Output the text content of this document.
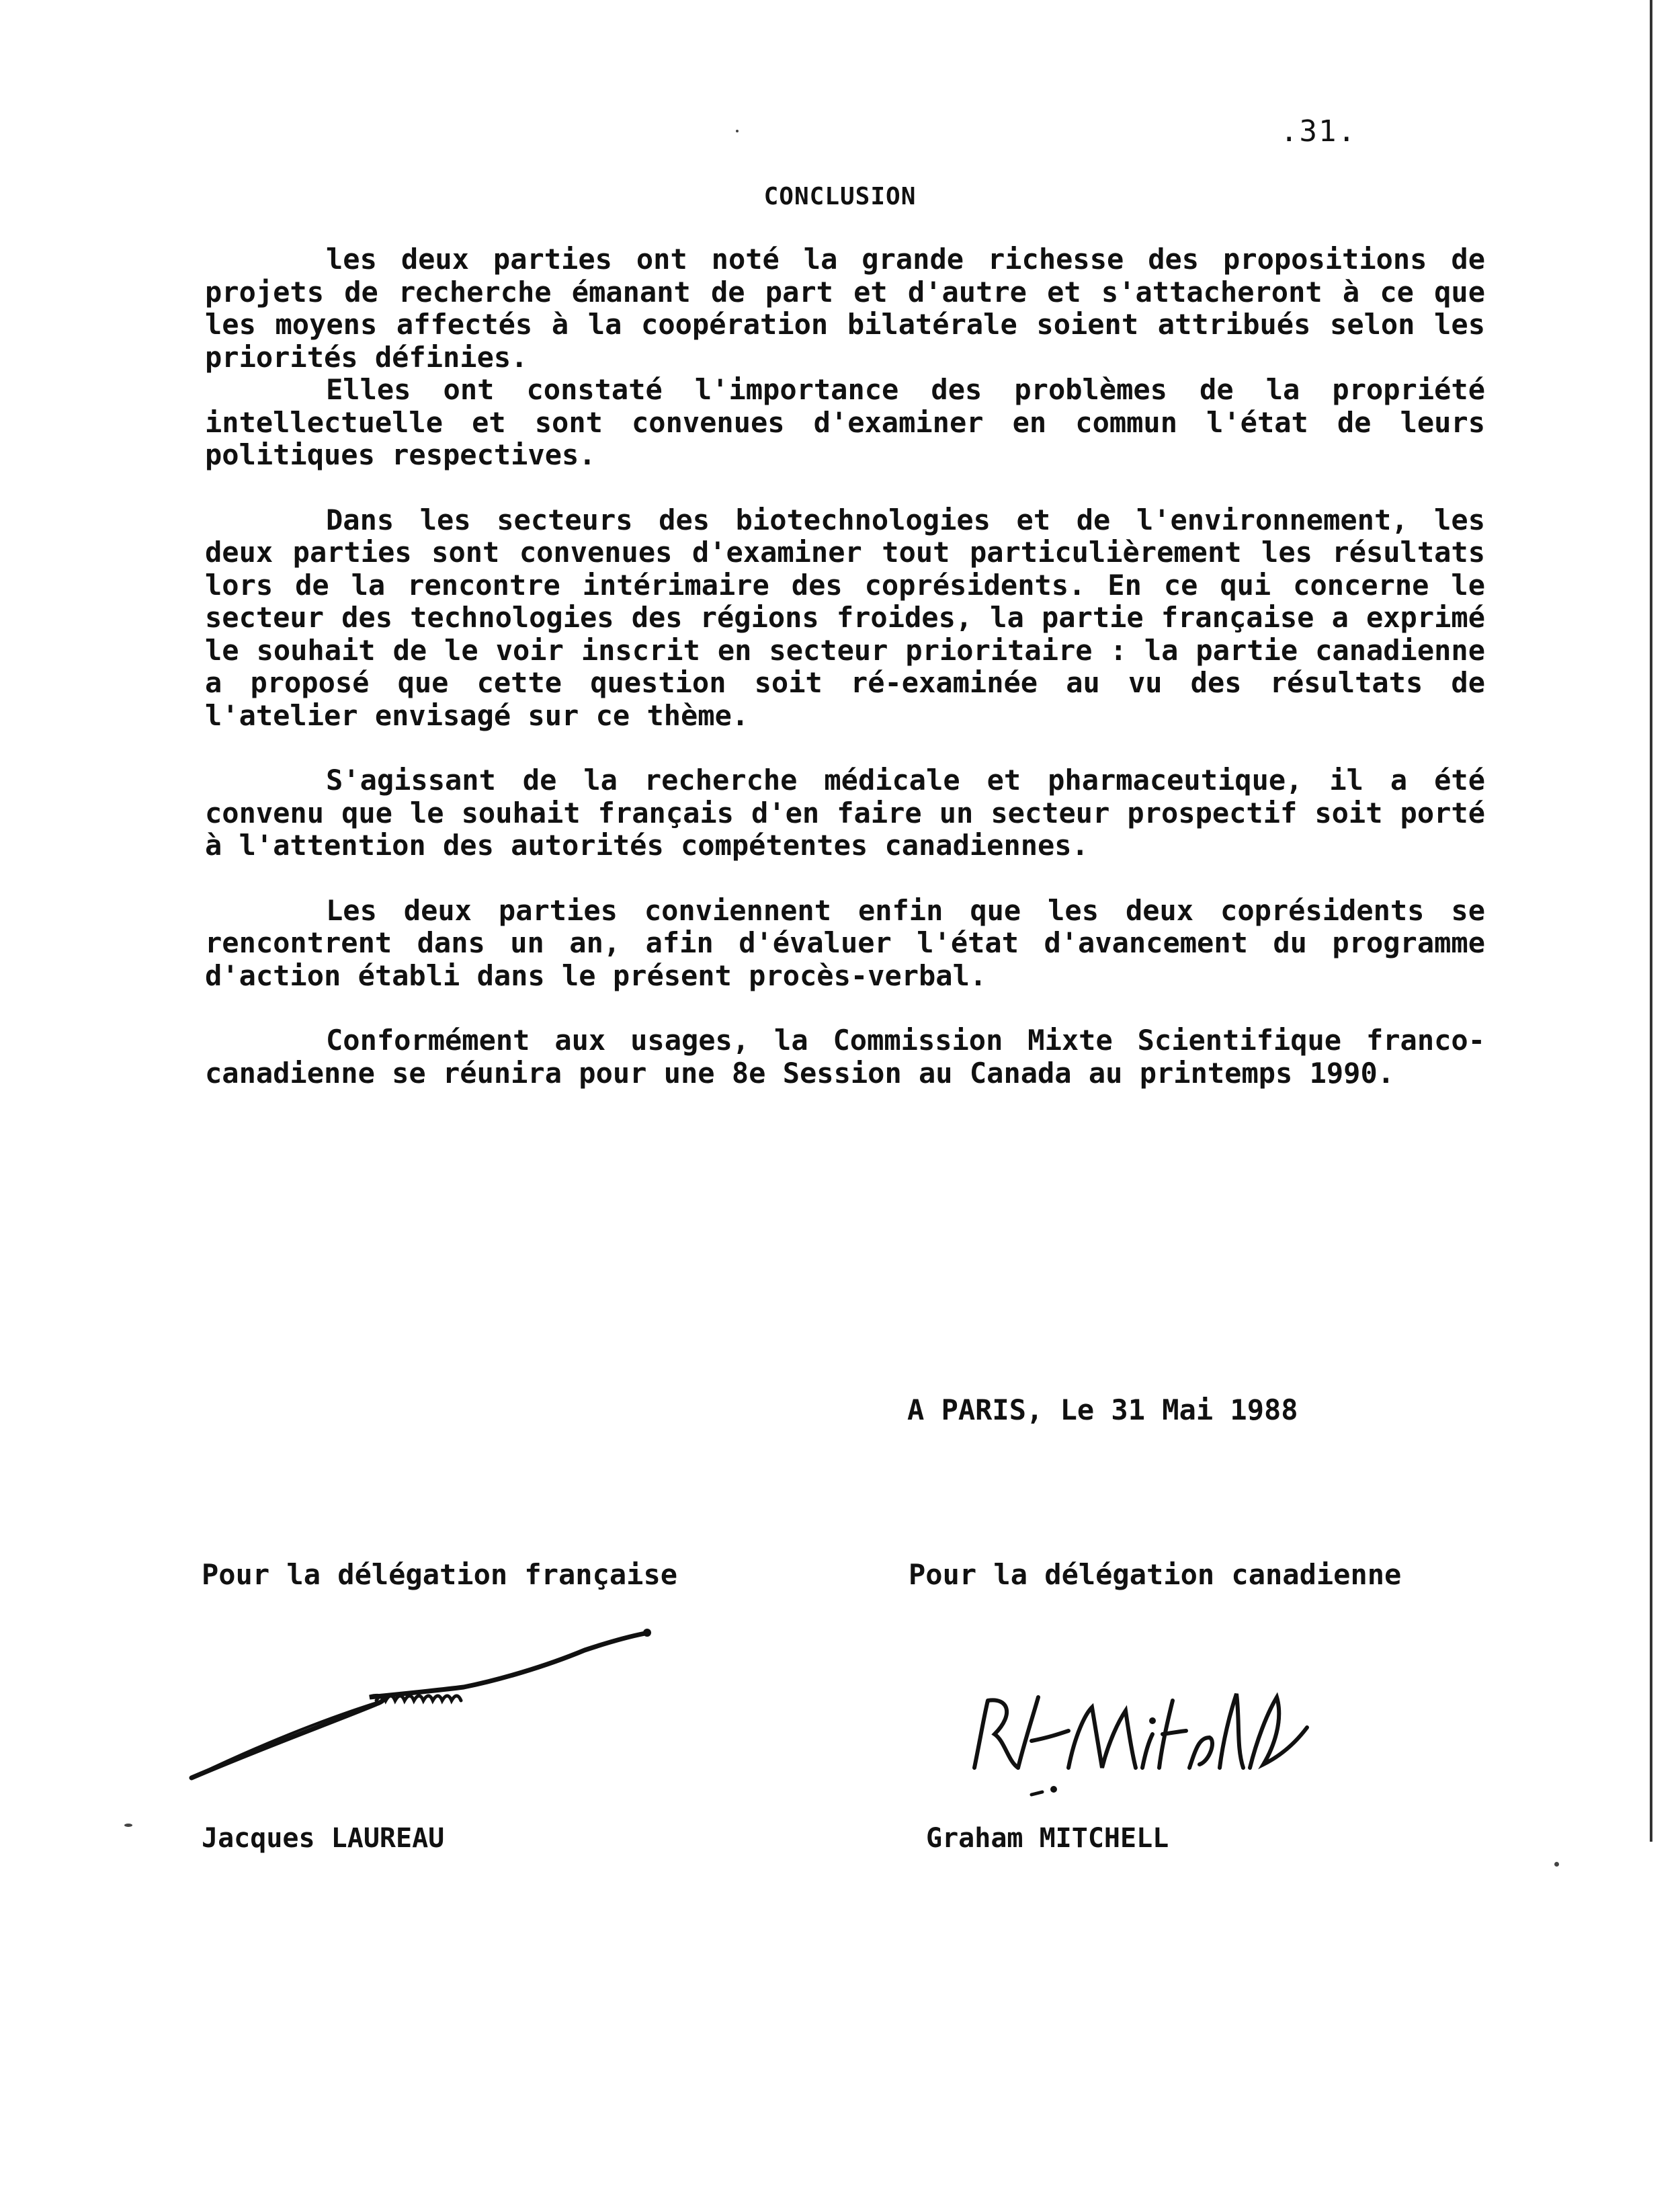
.31.
CONCLUSION

les deux parties ont noté la grande richesse des propositions de projets de recherche émanant de part et d'autre et s'attacheront à ce que les moyens affectés à la coopération bilatérale soient attribués selon les priorités définies.

Elles ont constaté l'importance des problèmes de la propriété intellectuelle et sont convenues d'examiner en commun l'état de leurs politiques respectives.

Dans les secteurs des biotechnologies et de l'environnement, les deux parties sont convenues d'examiner tout particulièrement les résultats lors de la rencontre intérimaire des coprésidents. En ce qui concerne le secteur des technologies des régions froides, la partie française a exprimé le souhait de le voir inscrit en secteur prioritaire : la partie canadienne a proposé que cette question soit ré-examinée au vu des résultats de l'atelier envisagé sur ce thème.

S'agissant de la recherche médicale et pharmaceutique, il a été convenu que le souhait français d'en faire un secteur prospectif soit porté à l'attention des autorités compétentes canadiennes.

Les deux parties conviennent enfin que les deux coprésidents se rencontrent dans un an, afin d'évaluer l'état d'avancement du programme d'action établi dans le présent procès-verbal.

Conformément aux usages, la Commission Mixte Scientifique franco-canadienne se réunira pour une 8e Session au Canada au printemps 1990.

A PARIS, Le 31 Mai 1988
Pour la délégation française	Pour la délégation canadienne
Jacques LAUREAU	Graham MITCHELL
